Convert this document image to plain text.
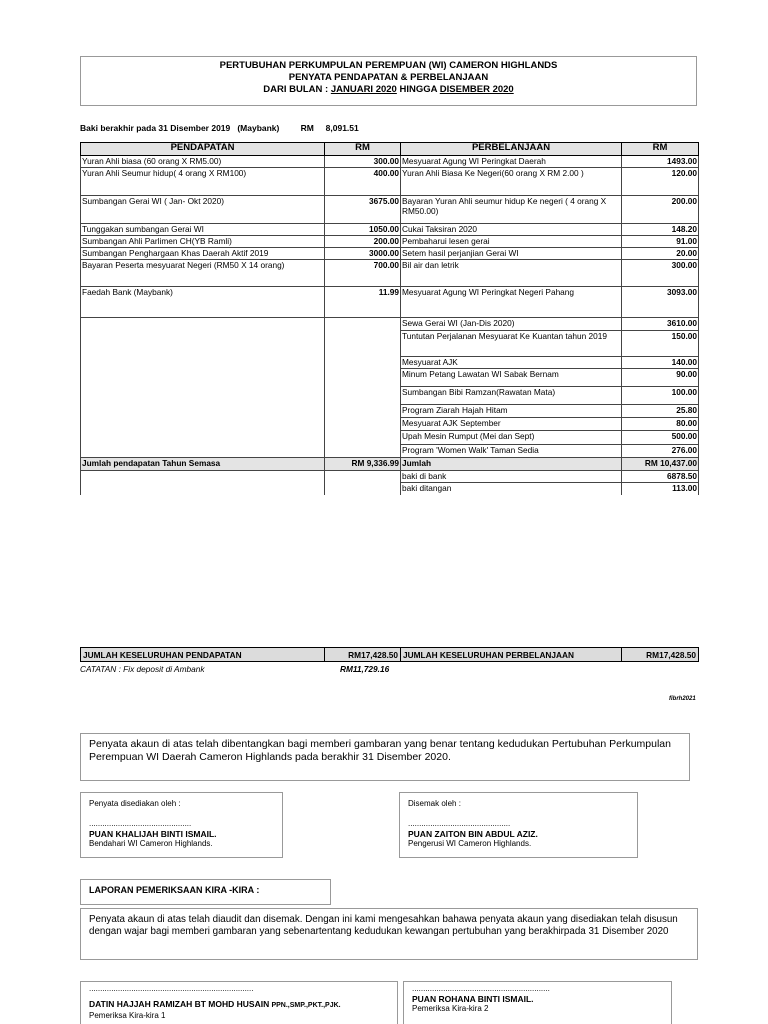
PERTUBUHAN PERKUMPULAN PEREMPUAN (WI) CAMERON HIGHLANDS
PENYATA PENDAPATAN & PERBELANJAAN
DARI BULAN : JANUARI 2020 HINGGA DISEMBER 2020
Baki berakhir pada 31 Disember 2019   (Maybank)         RM     8,091.51
PENDAPATAN	RM	PERBELANJAAN	RM
Yuran Ahli biasa (60 orang X RM5.00)	300.00	Mesyuarat Agung WI Peringkat Daerah	1493.00
Yuran Ahli Seumur hidup( 4 orang X RM100)	400.00	Yuran Ahli Biasa Ke Negeri(60 orang X RM 2.00 )	120.00
Sumbangan Gerai WI ( Jan- Okt 2020)	3675.00	Bayaran Yuran Ahli seumur hidup Ke negeri ( 4 orang X RM50.00)	200.00
Tunggakan sumbangan Gerai WI	1050.00	Cukai Taksiran 2020	148.20
Sumbangan Ahli Parlimen CH(YB Ramli)	200.00	Pembaharui lesen gerai	91.00
Sumbangan Penghargaan Khas Daerah Aktif 2019	3000.00	Setem hasil perjanjian Gerai WI	20.00
Bayaran Peserta mesyuarat Negeri (RM50 X 14 orang)	700.00	Bil air dan letrik	300.00
Faedah Bank (Maybank)	11.99	Mesyuarat Agung WI Peringkat Negeri Pahang	3093.00
		Sewa Gerai WI (Jan-Dis 2020)	3610.00
		Tuntutan Perjalanan Mesyuarat Ke Kuantan tahun 2019	150.00
		Mesyuarat AJK	140.00
		Minum Petang Lawatan WI Sabak Bernam	90.00
		Sumbangan Bibi Ramzan(Rawatan Mata)	100.00
		Program Ziarah Hajah Hitam	25.80
		Mesyuarat AJK September	80.00
		Upah Mesin Rumput (Mei dan Sept)	500.00
		Program 'Women Walk' Taman Sedia	276.00
Jumlah pendapatan Tahun Semasa	RM 9,336.99	Jumlah	RM 10,437.00
		baki di bank	6878.50
		baki ditangan	113.00
JUMLAH KESELURUHAN PENDAPATAN	RM17,428.50	JUMLAH KESELURUHAN PERBELANJAAN	RM17,428.50
CATATAN : Fix deposit di Ambank	RM11,729.16
fibrh2021
Penyata akaun di atas telah dibentangkan bagi memberi gambaran yang benar tentang kedudukan Pertubuhan Perkumpulan Perempuan WI Daerah Cameron Highlands pada berakhir 31 Disember 2020.
Penyata disediakan oleh :
..............................................
PUAN KHALIJAH BINTI ISMAIL.
Bendahari WI Cameron Highlands.
Disemak oleh :
..............................................
PUAN ZAITON BIN ABDUL AZIZ.
Pengerusi WI Cameron Highlands.
LAPORAN PEMERIKSAAN KIRA -KIRA :
Penyata akaun di atas telah diaudit dan disemak. Dengan ini kami mengesahkan bahawa penyata akaun yang disediakan telah disusun dengan wajar bagi memberi gambaran yang sebenartentang kedudukan kewangan pertubuhan yang berakhirpada 31 Disember 2020
..........................................................................
DATIN HAJJAH RAMIZAH BT MOHD HUSAIN PPN.,SMP.,PKT.,PJK.
Pemeriksa Kira-kira 1
..............................................................
PUAN ROHANA BINTI ISMAIL.
Pemeriksa Kira-kira 2
